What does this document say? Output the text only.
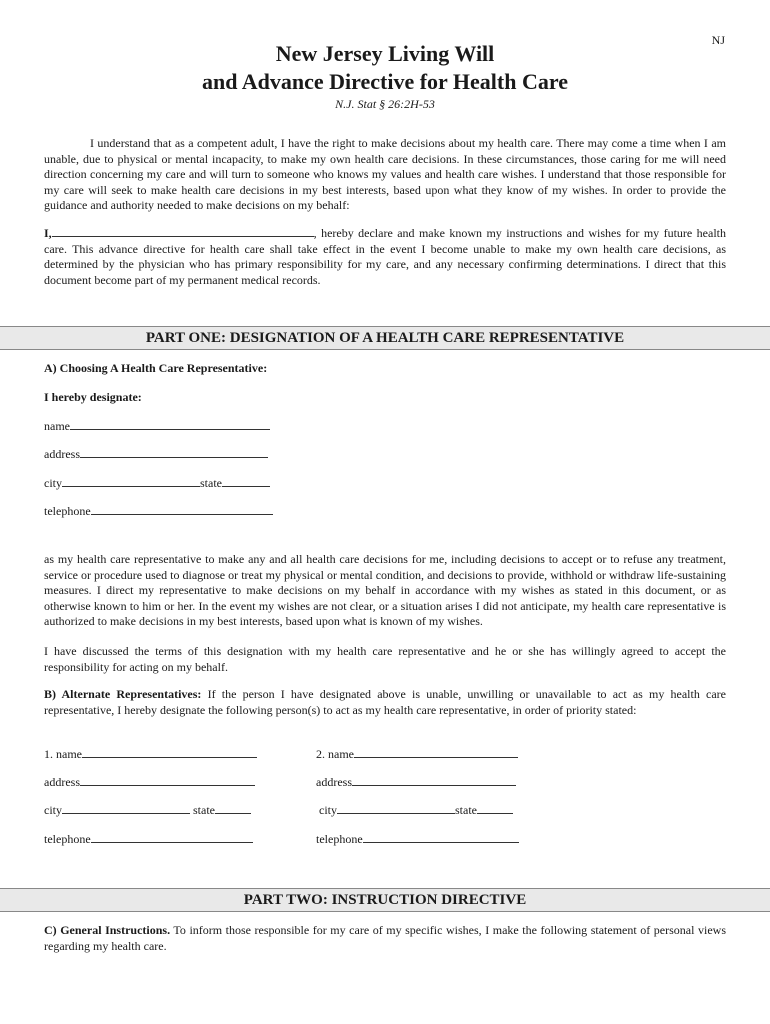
NJ
New Jersey Living Will
and Advance Directive for Health Care
N.J. Stat § 26:2H-53
I understand that as a competent adult, I have the right to make decisions about my health care. There may come a time when I am unable, due to physical or mental incapacity, to make my own health care decisions. In these circumstances, those caring for me will need direction concerning my care and will turn to someone who knows my values and health care wishes. I understand that those responsible for my care will seek to make health care decisions in my best interests, based upon what they know of my wishes. In order to provide the guidance and authority needed to make decisions on my behalf:
I,	, hereby declare and make known my instructions and wishes for my future health care. This advance directive for health care shall take effect in the event I become unable to make my own health care decisions, as determined by the physician who has primary responsibility for my care, and any necessary confirming determinations. I direct that this document become part of my permanent medical records.
PART ONE: DESIGNATION OF A HEALTH CARE REPRESENTATIVE
A) Choosing A Health Care Representative:
I hereby designate:
name
address
city	state
telephone
as my health care representative to make any and all health care decisions for me, including decisions to accept or to refuse any treatment, service or procedure used to diagnose or treat my physical or mental condition, and decisions to provide, withhold or withdraw life-sustaining measures. I direct my representative to make decisions on my behalf in accordance with my wishes as stated in this document, or as otherwise known to him or her. In the event my wishes are not clear, or a situation arises I did not anticipate, my health care representative is authorized to make decisions in my best interests, based upon what is known of my wishes.
I have discussed the terms of this designation with my health care representative and he or she has willingly agreed to accept the responsibility for acting on my behalf.
B) Alternate Representatives: If the person I have designated above is unable, unwilling or unavailable to act as my health care representative, I hereby designate the following person(s) to act as my health care representative, in order of priority stated:
1. name	2. name
address	address
city	state	city	state
telephone	telephone
PART TWO: INSTRUCTION DIRECTIVE
C) General Instructions. To inform those responsible for my care of my specific wishes, I make the following statement of personal views regarding my health care.
